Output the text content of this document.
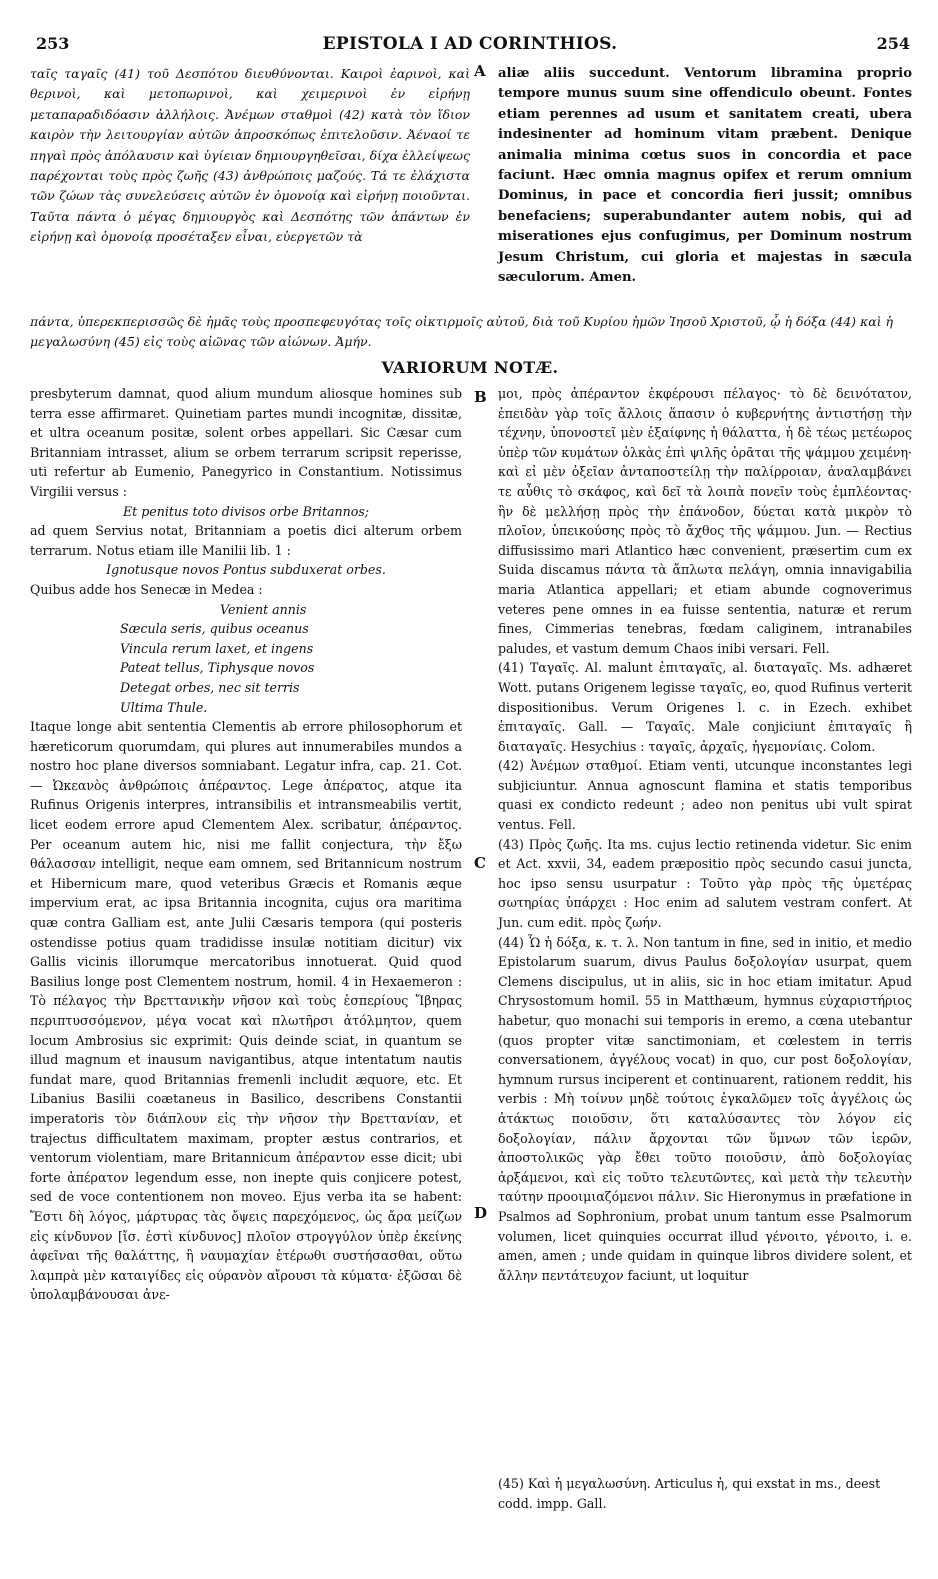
253	EPISTOLA I AD CORINTHIOS.	254
ταῖς ταγαῖς (41) τοῦ Δεσπότου διευθύνονται. Καιροὶ ἐαρινοὶ, καὶ θερινοὶ, καὶ μετοπωρινοὶ, καὶ χειμερινοὶ ἐν εἰρήνῃ μεταπαραδιδόασιν ἀλλήλοις. Ἀνέμων σταθμοὶ (42) κατὰ τὸν ἴδιον καιρὸν τὴν λειτουργίαν αὐτῶν ἀπροσκόπως ἐπιτελοῦσιν. Ἀέναοί τε πηγαὶ πρὸς ἀπόλαυσιν καὶ ὑγίειαν δημιουργηθεῖσαι, δίχα ἐλλείψεως παρέχονται τοὺς πρὸς ζωῆς (43) ἀνθρώποις μαζούς. Τά τε ἐλάχιστα τῶν ζώων τὰς συνελεύσεις αὐτῶν ἐν ὁμονοίᾳ καὶ εἰρήνῃ ποιοῦνται. Ταῦτα πάντα ὁ μέγας δημιουργὸς καὶ Δεσπότης τῶν ἁπάντων ἐν εἰρήνῃ καὶ ὁμονοίᾳ προσέταξεν εἶναι, εὐεργετῶν τὰ
A aliæ aliis succedunt. Ventorum libramina proprio tempore munus suum sine offendiculo obeunt. Fontes etiam perennes ad usum et sanitatem creati, ubera indesinenter ad hominum vitam præbent. Denique animalia minima cœtus suos in concordia et pace faciunt. Hæc omnia magnus opifex et rerum omnium Dominus, in pace et concordia fieri jussit; omnibus benefaciens; superabundanter autem nobis, qui ad miserationes ejus confugimus, per Dominum nostrum Jesum Christum, cui gloria et majestas in sæcula sæculorum. Amen.
πάντα, ὑπερεκπερισσῶς δὲ ἡμᾶς τοὺς προσπεφευγότας τοῖς οἰκτιρμοῖς αὐτοῦ, διὰ τοῦ Κυρίου ἡμῶν Ἰησοῦ Χριστοῦ, ᾧ ἡ δόξα (44) καὶ ἡ μεγαλωσύνη (45) εἰς τοὺς αἰῶνας τῶν αἰώνων. Ἀμήν.
VARIORUM NOTÆ.

presbyterum damnat, quod alium mundum aliosque homines sub terra esse affirmaret. Quinetiam partes mundi incognitæ, dissitæ, et ultra oceanum positæ, solent orbes appellari. Sic Cæsar cum Britanniam intrasset, alium se orbem terrarum scripsit reperisse, uti refertur ab Eumenio, Panegyrico in Constantium. Notissimus Virgilii versus :

Et penitus toto divisos orbe Britannos;

ad quem Servius notat, Britanniam a poetis dici alterum orbem terrarum. Notus etiam ille Manilii lib. 1 :

Ignotusque novos Pontus subduxerat orbes.

Quibus adde hos Senecæ in Medea :

Venient annis

Sæcula seris, quibus oceanus

Vincula rerum laxet, et ingens

Pateat tellus, Tiphysque novos

Detegat orbes, nec sit terris

Ultima Thule.

Itaque longe abit sententia Clementis ab errore philosophorum et hæreticorum quorumdam, qui plures aut innumerabiles mundos a nostro hoc plane diversos somniabant. Legatur infra, cap. 21. Cot. — Ὠκεανὸς ἀνθρώποις ἀπέραντος. Lege ἀπέρατος, atque ita Rufinus Origenis interpres, intransibilis et intransmeabilis vertit, licet eodem errore apud Clementem Alex. scribatur, ἀπέραντος. Per oceanum autem hic, nisi me fallit conjectura, τὴν ἔξω θάλασσαν intelligit, neque eam omnem, sed Britannicum nostrum et Hibernicum mare, quod veteribus Græcis et Romanis æque impervium erat, ac ipsa Britannia incognita, cujus ora maritima quæ contra Galliam est, ante Julii Cæsaris tempora (qui posteris ostendisse potius quam tradidisse insulæ notitiam dicitur) vix Gallis vicinis illorumque mercatoribus innotuerat. Quid quod Basilius longe post Clementem nostrum, homil. 4 in Hexaemeron : Τὸ πέλαγος τὴν Βρεττανικὴν νῆσον καὶ τοὺς ἑσπερίους Ἴβηρας περιπτυσσόμενον, μέγα vocat καὶ πλωτῆρσι ἀτόλμητον, quem locum Ambrosius sic exprimit: Quis deinde sciat, in quantum se illud magnum et inausum navigantibus, atque intentatum nautis fundat mare, quod Britannias fremenli includit æquore, etc. Et Libanius Basilii coætaneus in Basilico, describens Constantii imperatoris τὸν διάπλουν εἰς τὴν νῆσον τὴν Βρεττανίαν, et trajectus difficultatem maximam, propter æstus contrarios, et ventorum violentiam, mare Britannicum ἀπέραντον esse dicit; ubi forte ἀπέρατον legendum esse, non inepte quis conjicere potest, sed de voce contentionem non moveo. Ejus verba ita se habent: Ἔστι δὴ λόγος, μάρτυρας τὰς ὄψεις παρεχόμενος, ὡς ἄρα μείζων εἰς κίνδυνον [ἴσ. ἐστὶ κίνδυνος] πλοῖον στρογγύλον ὑπὲρ ἐκείνης ἀφεῖναι τῆς θαλάττης, ἢ ναυμαχίαν ἑτέρωθι συστήσασθαι, οὕτω λαμπρὰ μὲν καταιγίδες εἰς ούρανὸν αἴρουσι τὰ κύματα· ἐξῶσαι δὲ ὑπολαμβάνουσαι ἀνε-

B
C
D

μοι, πρὸς ἀπέραντον ἐκφέρουσι πέλαγος· τὸ δὲ δεινότατον, ἐπειδὰν γὰρ τοῖς ἄλλοις ἅπασιν ὁ κυβερνήτης ἀντιστήσῃ τὴν τέχνην, ὑπονοστεῖ μὲν ἐξαίφνης ἡ θάλαττα, ἡ δὲ τέως μετέωρος ὑπὲρ τῶν κυμάτων ὁλκὰς ἐπὶ ψιλῆς ὁρᾶται τῆς ψάμμου χειμένη· καὶ εἰ μὲν ὀξεῖαν ἀνταποστείλῃ τὴν παλίρροιαν, ἀναλαμβάνει τε αὖθις τὸ σκάφος, καὶ δεῖ τὰ λοιπὰ πονεῖν τοὺς ἐμπλέοντας· ἣν δὲ μελλήσῃ πρὸς τὴν ἐπάνοδον, δύεται κατὰ μικρὸν τὸ πλοῖον, ὑπεικούσης πρὸς τὸ ἄχθος τῆς ψάμμου. Jun. — Rectius diffusissimo mari Atlantico hæc convenient, præsertim cum ex Suida discamus πάντα τὰ ἄπλωτα πελάγη, omnia innavigabilia maria Atlantica appellari; et etiam abunde cognoverimus veteres pene omnes in ea fuisse sententia, naturæ et rerum fines, Cimmerias tenebras, fœdam caliginem, intranabiles paludes, et vastum demum Chaos inibi versari. Fell.

(41) Ταγαῖς. Al. malunt ἐπιταγαῖς, al. διαταγαῖς. Ms. adhæret Wott. putans Origenem legisse ταγαῖς, eo, quod Rufinus verterit dispositionibus. Verum Origenes l. c. in Ezech. exhibet ἐπιταγαῖς. Gall. — Ταγαῖς. Male conjiciunt ἐπιταγαῖς ἢ διαταγαῖς. Hesychius : ταγαῖς, ἀρχαῖς, ἡγεμονίαις. Colom.

(42) Ἀνέμων σταθμοί. Etiam venti, utcunque inconstantes legi subjiciuntur. Annua agnoscunt flamina et statis temporibus quasi ex condicto redeunt ; adeo non penitus ubi vult spirat ventus. Fell.

(43) Πρὸς ζωῆς. Ita ms. cujus lectio retinenda videtur. Sic enim et Act. xxvii, 34, eadem præpositio πρὸς secundo casui juncta, hoc ipso sensu usurpatur : Τοῦτο γὰρ πρὸς τῆς ὑμετέρας σωτηρίας ὑπάρχει : Hoc enim ad salutem vestram confert. At Jun. cum edit. πρὸς ζωήν.

(44) Ὧ ἡ δόξα, κ. τ. λ. Non tantum in fine, sed in initio, et medio Epistolarum suarum, divus Paulus δοξολογίαν usurpat, quem Clemens discipulus, ut in aliis, sic in hoc etiam imitatur. Apud Chrysostomum homil. 55 in Matthæum, hymnus εὐχαριστήριος habetur, quo monachi sui temporis in eremo, a cœna utebantur (quos propter vitæ sanctimoniam, et cœlestem in terris conversationem, ἀγγέλους vocat) in quo, cur post δοξολογίαν, hymnum rursus inciperent et continuarent, rationem reddit, his verbis : Μὴ τοίνυν μηδὲ τούτοις ἐγκαλῶμεν τοῖς ἀγγέλοις ὡς ἀτάκτως ποιοῦσιν, ὅτι καταλύσαντες τὸν λόγον εἰς δοξολογίαν, πάλιν ἄρχονται τῶν ὕμνων τῶν ἱερῶν, ἀποστολικῶς γὰρ ἔθει τοῦτο ποιοῦσιν, ἀπὸ δοξολογίας ἀρξάμενοι, καὶ εἰς τοῦτο τελευτῶντες, καὶ μετὰ τὴν τελευτὴν ταύτην προοιμιαζόμενοι πάλιν. Sic Hieronymus in præfatione in Psalmos ad Sophronium, probat unum tantum esse Psalmorum volumen, licet quinquies occurrat illud γένοιτο, γένοιτο, i. e. amen, amen ; unde quidam in quinque libros dividere solent, et ἄλλην πεντάτευχον faciunt, ut loquitur

(45) Καὶ ἡ μεγαλωσύνη. Articulus ἡ, qui exstat in ms., deest codd. impp. Gall.
